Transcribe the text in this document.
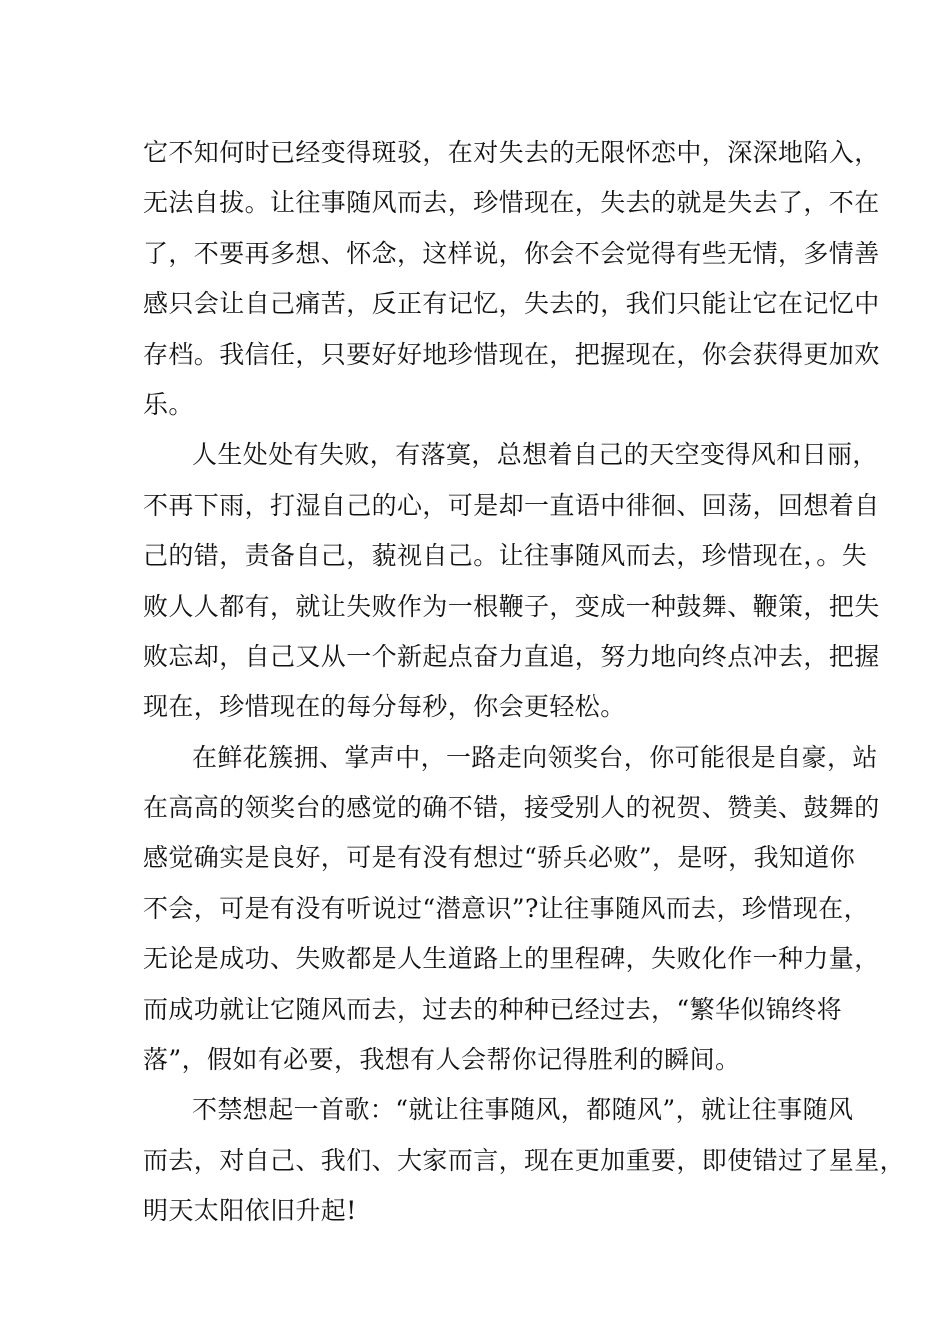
它不知何时已经变得斑驳，在对失去的无限怀恋中，深深地陷入，
无法自拔。让往事随风而去，珍惜现在，失去的就是失去了，不在
了，不要再多想、怀念，这样说，你会不会觉得有些无情，多情善
感只会让自己痛苦，反正有记忆，失去的，我们只能让它在记忆中
存档。我信任，只要好好地珍惜现在，把握现在，你会获得更加欢
乐。
人生处处有失败，有落寞，总想着自己的天空变得风和日丽，
不再下雨，打湿自己的心，可是却一直语中徘徊、回荡，回想着自
己的错，责备自己，藐视自己。让往事随风而去，珍惜现在，。失
败人人都有，就让失败作为一根鞭子，变成一种鼓舞、鞭策，把失
败忘却，自己又从一个新起点奋力直追，努力地向终点冲去，把握
现在，珍惜现在的每分每秒，你会更轻松。
在鲜花簇拥、掌声中，一路走向领奖台，你可能很是自豪，站
在高高的领奖台的感觉的确不错，接受别人的祝贺、赞美、鼓舞的
感觉确实是良好，可是有没有想过“骄兵必败”，是呀，我知道你
不会，可是有没有听说过“潜意识”?让往事随风而去，珍惜现在，
无论是成功、失败都是人生道路上的里程碑，失败化作一种力量，
而成功就让它随风而去，过去的种种已经过去，“繁华似锦终将
落”，假如有必要，我想有人会帮你记得胜利的瞬间。
不禁想起一首歌：“就让往事随风，都随风”，就让往事随风
而去，对自己、我们、大家而言，现在更加重要，即使错过了星星，
明天太阳依旧升起!
